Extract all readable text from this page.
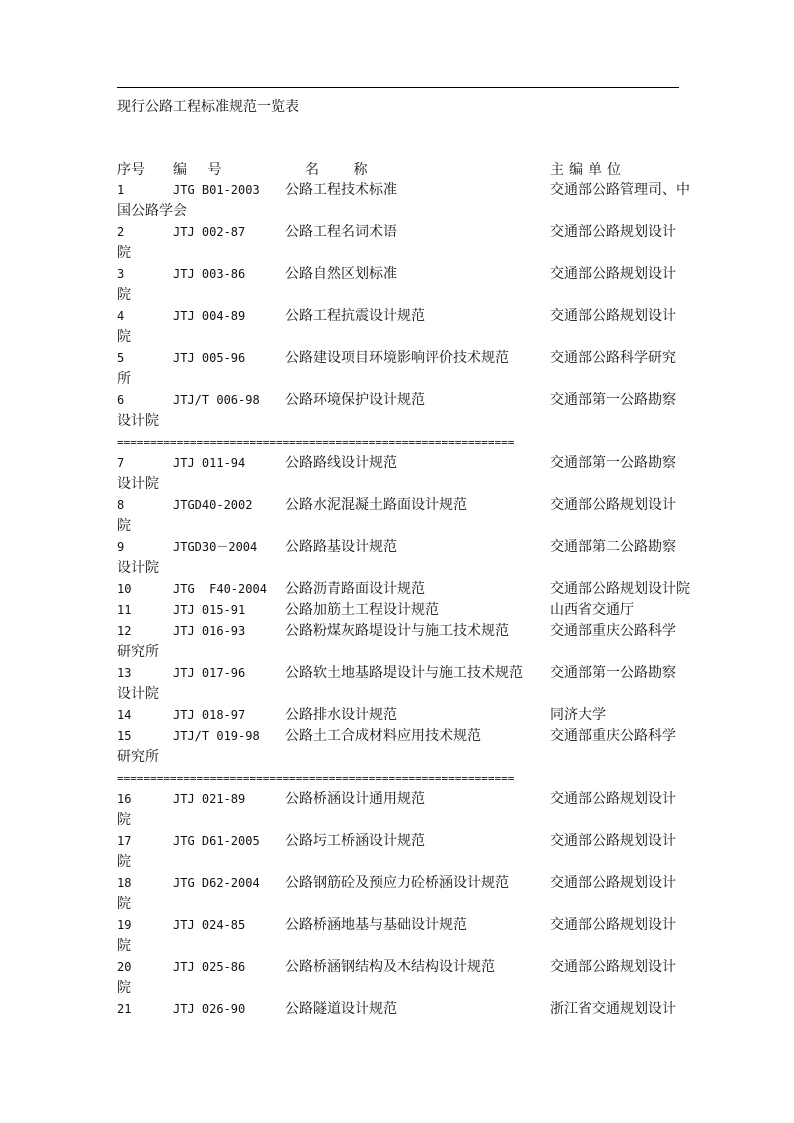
现行公路工程标准规范一览表
序号 编 号	名 称	主编单位
1	JTG B01-2003 公路工程技术标准	交通部公路管理司、中
国公路学会
2	JTJ 002-87	公路工程名词术语	交通部公路规划设计
院
3	JTJ 003-86	公路自然区划标准	交通部公路规划设计
院
4	JTJ 004-89	公路工程抗震设计规范	交通部公路规划设计
院
5	JTJ 005-96	公路建设项目环境影响评价技术规范	交通部公路科学研究
所
6	JTJ/T 006-98 公路环境保护设计规范	交通部第一公路勘察
设计院
============================================================
7	JTJ 011-94	公路路线设计规范	交通部第一公路勘察
设计院
8	JTGD40-2002 公路水泥混凝土路面设计规范	交通部公路规划设计
院
9	JTGD30－2004 公路路基设计规范	交通部第二公路勘察
设计院
10	JTG  F40-2004 公路沥青路面设计规范	交通部公路规划设计院
11	JTJ 015-91	公路加筋土工程设计规范	山西省交通厅
12	JTJ 016-93	公路粉煤灰路堤设计与施工技术规范	交通部重庆公路科学
研究所
13	JTJ 017-96	公路软土地基路堤设计与施工技术规范 交通部第一公路勘察
设计院
14	JTJ 018-97	公路排水设计规范	同济大学
15	JTJ/T 019-98 公路土工合成材料应用技术规范	交通部重庆公路科学
研究所
============================================================
16	JTJ 021-89	公路桥涵设计通用规范	交通部公路规划设计
院
17	JTG D61-2005 公路圬工桥涵设计规范	交通部公路规划设计
院
18	JTG D62-2004 公路钢筋砼及预应力砼桥涵设计规范	交通部公路规划设计
院
19	JTJ 024-85	公路桥涵地基与基础设计规范	交通部公路规划设计
院
20	JTJ 025-86	公路桥涵钢结构及木结构设计规范	交通部公路规划设计
院
21	JTJ 026-90	公路隧道设计规范	浙江省交通规划设计
